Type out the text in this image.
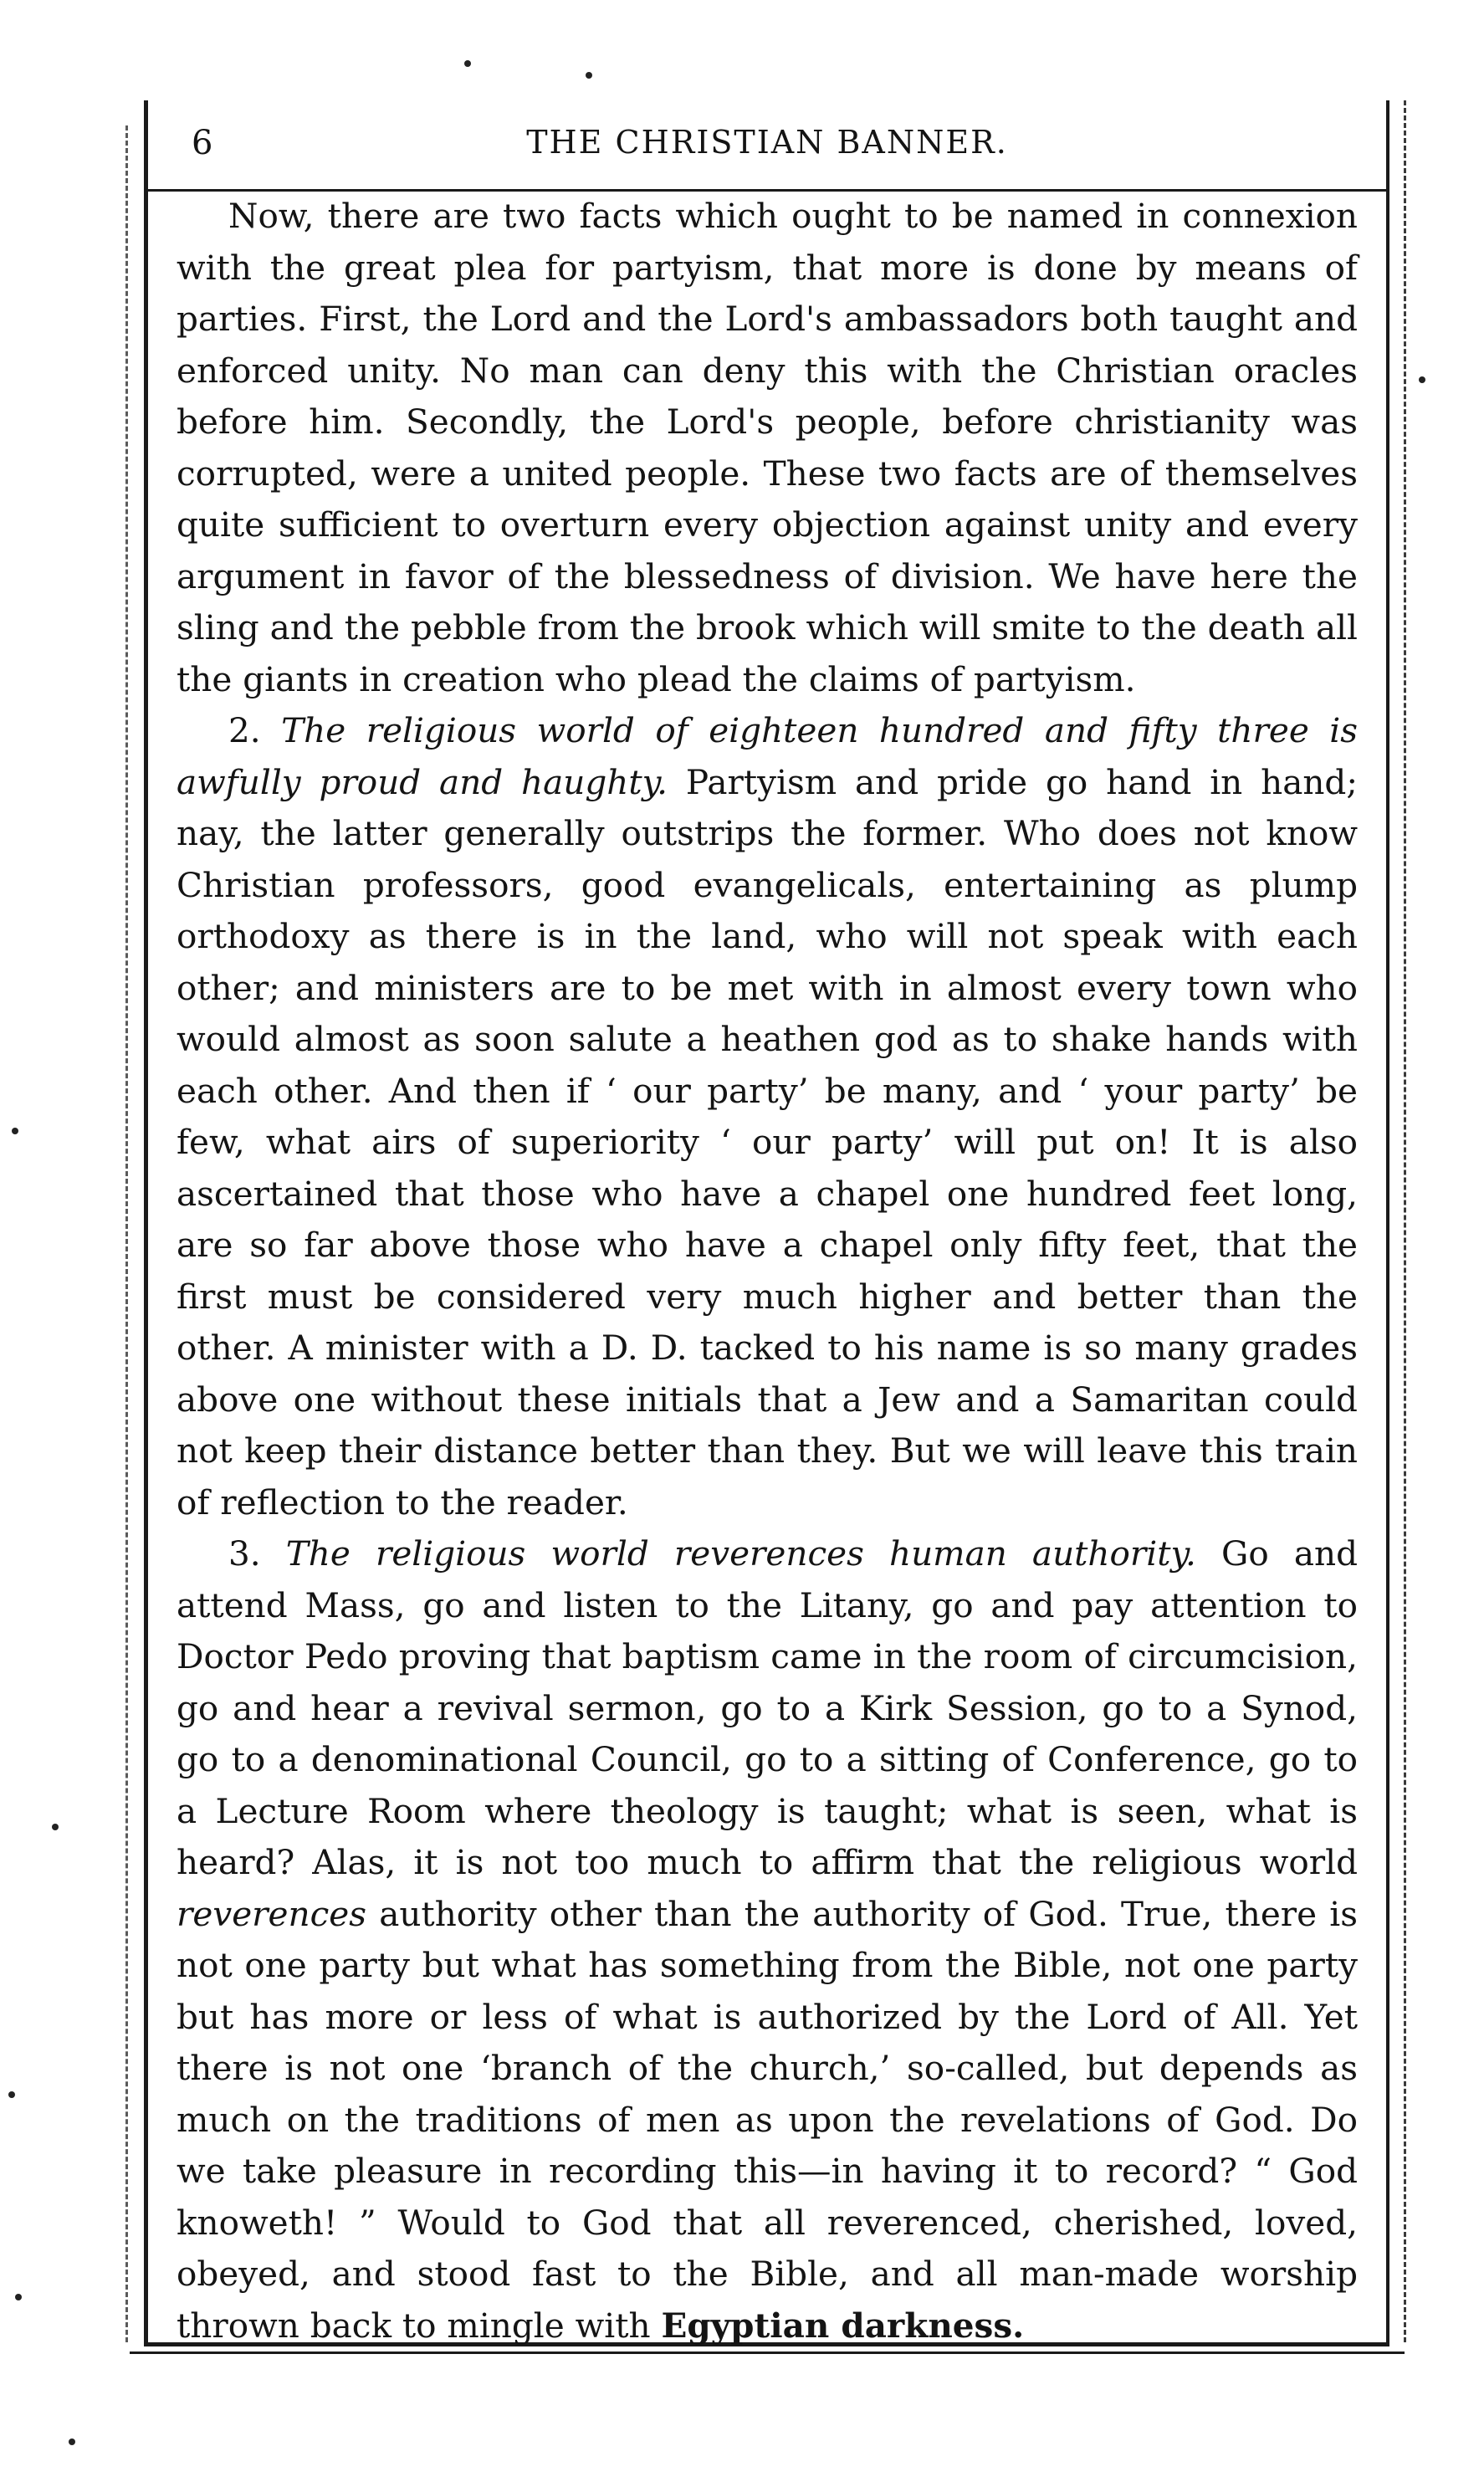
6	THE CHRISTIAN BANNER.

Now, there are two facts which ought to be named in connexion with the great plea for partyism, that more is done by means of parties. First, the Lord and the Lord's ambassadors both taught and enforced unity. No man can deny this with the Christian oracles before him. Secondly, the Lord's people, before christianity was corrupted, were a united people. These two facts are of themselves quite sufficient to overturn every objection against unity and every argument in favor of the blessedness of division. We have here the sling and the pebble from the brook which will smite to the death all the giants in creation who plead the claims of partyism.

2. The religious world of eighteen hundred and fifty three is awfully proud and haughty. Partyism and pride go hand in hand; nay, the latter generally outstrips the former. Who does not know Christian professors, good evangelicals, entertaining as plump orthodoxy as there is in the land, who will not speak with each other; and ministers are to be met with in almost every town who would almost as soon salute a heathen god as to shake hands with each other. And then if ‘ our party’ be many, and ‘ your party’ be few, what airs of superiority ‘ our party’ will put on! It is also ascertained that those who have a chapel one hundred feet long, are so far above those who have a chapel only fifty feet, that the first must be considered very much higher and better than the other. A minister with a D. D. tacked to his name is so many grades above one without these initials that a Jew and a Samaritan could not keep their distance better than they. But we will leave this train of reflection to the reader.

3. The religious world reverences human authority. Go and attend Mass, go and listen to the Litany, go and pay attention to Doctor Pedo proving that baptism came in the room of circumcision, go and hear a revival sermon, go to a Kirk Session, go to a Synod, go to a denominational Council, go to a sitting of Conference, go to a Lecture Room where theology is taught; what is seen, what is heard? Alas, it is not too much to affirm that the religious world reverences authority other than the authority of God. True, there is not one party but what has something from the Bible, not one party but has more or less of what is authorized by the Lord of All. Yet there is not one ‘branch of the church,’ so-called, but depends as much on the traditions of men as upon the revelations of God. Do we take pleasure in recording this—in having it to record? “ God knoweth! ” Would to God that all reverenced, cherished, loved, obeyed, and stood fast to the Bible, and all man-made worship thrown back to mingle with Egyptian darkness.
